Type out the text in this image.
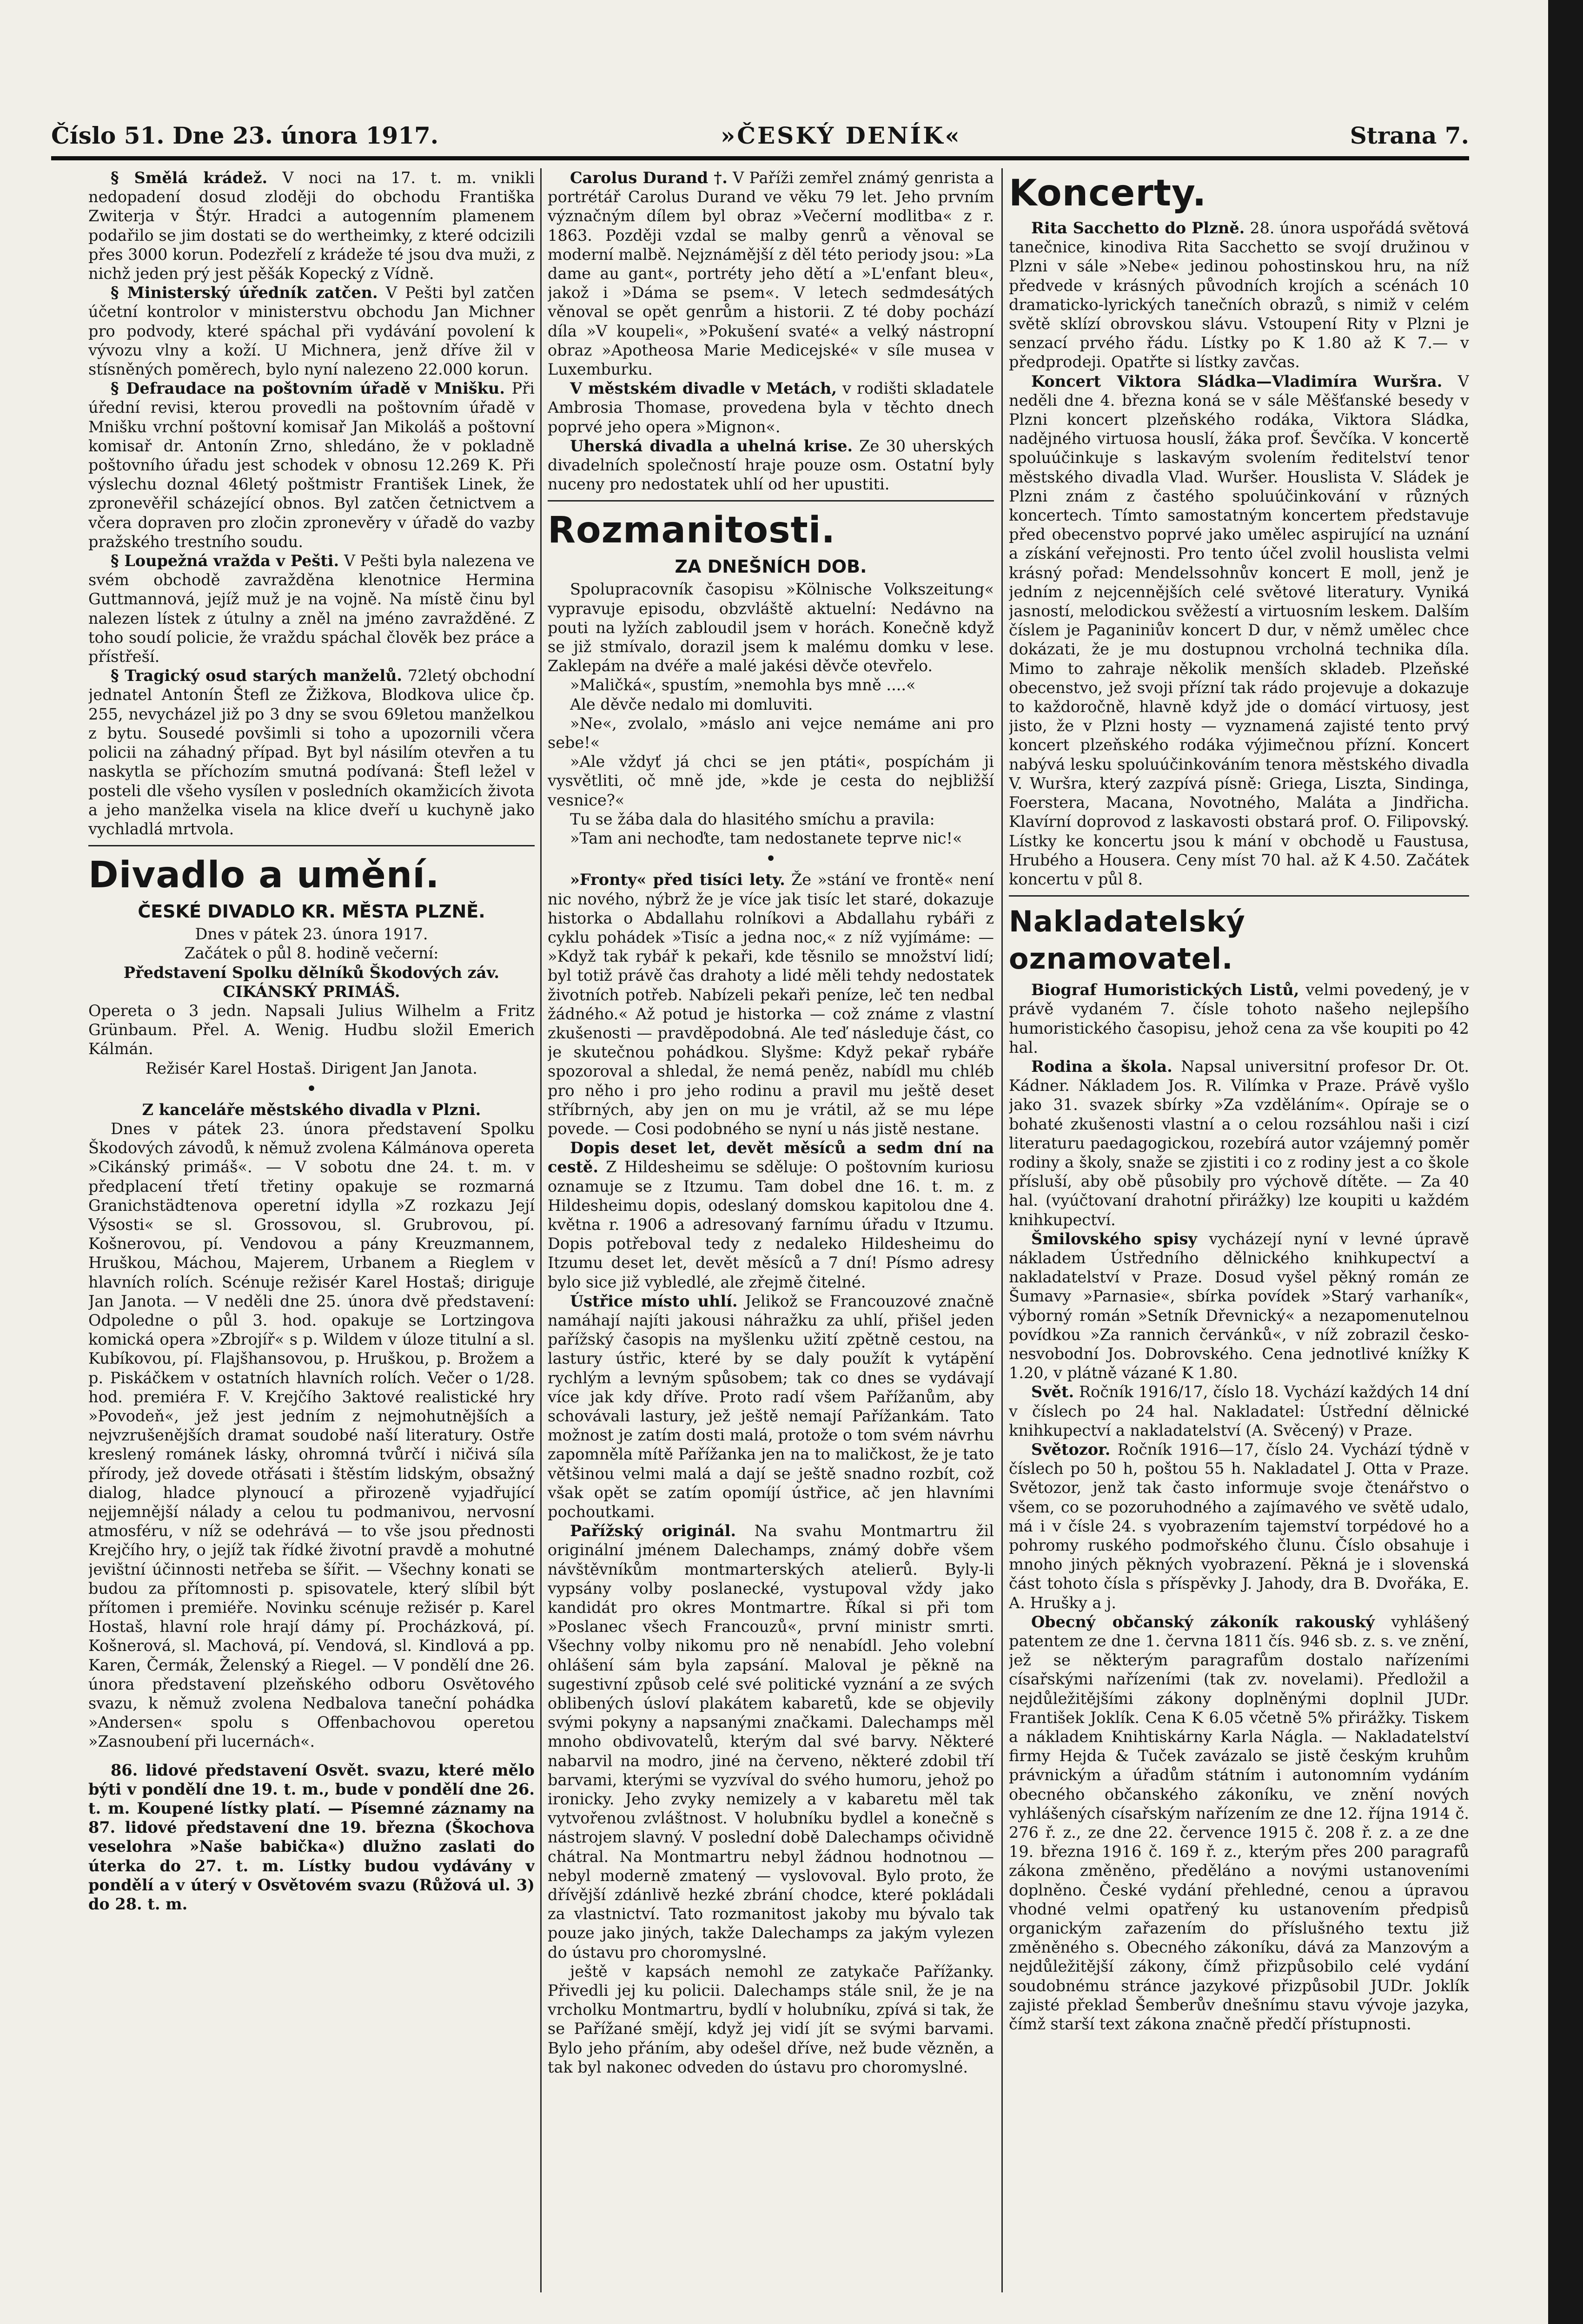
Číslo 51. Dne 23. února 1917.	»ČESKÝ DENÍK«	Strana 7.

§ Smělá krádež. V noci na 17. t. m. vnikli nedopadení dosud zloději do obchodu Františka Zwiterja v Štýr. Hradci a autogenním plamenem podařilo se jim dostati se do wertheimky, z které odcizili přes 3000 korun. Podezřelí z krádeže té jsou dva muži, z nichž jeden prý jest pěšák Kopecký z Vídně.

§ Ministerský úředník zatčen. V Pešti byl zatčen účetní kontrolor v ministerstvu obchodu Jan Michner pro podvody, které spáchal při vydávání povolení k vývozu vlny a koží. U Michnera, jenž dříve žil v stísněných poměrech, bylo nyní nalezeno 22.000 korun.

§ Defraudace na poštovním úřadě v Mnišku. Při úřední revisi, kterou provedli na poštovním úřadě v Mnišku vrchní poštovní komisař Jan Mikoláš a poštovní komisař dr. Antonín Zrno, shledáno, že v pokladně poštovního úřadu jest schodek v obnosu 12.269 K. Při výslechu doznal 46letý poštmistr František Linek, že zpronevěřil scházející obnos. Byl zatčen četnictvem a včera dopraven pro zločin zpronevěry v úřadě do vazby pražského trestního soudu.

§ Loupežná vražda v Pešti. V Pešti byla nalezena ve svém obchodě zavražděna klenotnice Hermina Guttmannová, jejíž muž je na vojně. Na místě činu byl nalezen lístek z útulny a zněl na jméno zavražděné. Z toho soudí policie, že vraždu spáchal člověk bez práce a přístřeší.

§ Tragický osud starých manželů. 72letý obchodní jednatel Antonín Štefl ze Žižkova, Blodkova ulice čp. 255, nevycházel již po 3 dny se svou 69letou manželkou z bytu. Sousedé povšimli si toho a upozornili včera policii na záhadný případ. Byt byl násilím otevřen a tu naskytla se příchozím smutná podívaná: Štefl ležel v posteli dle všeho vysílen v posledních okamžicích života a jeho manželka visela na klice dveří u kuchyně jako vychladlá mrtvola.

Divadlo a umění.
ČESKÉ DIVADLO KR. MĚSTA PLZNĚ.

Dnes v pátek 23. února 1917.

Začátek o půl 8. hodině večerní:

Představení Spolku dělníků Škodových záv.

CIKÁNSKÝ PRIMÁŠ.

Opereta o 3 jedn. Napsali Julius Wilhelm a Fritz Grünbaum. Přel. A. Wenig. Hudbu složil Emerich Kálmán.

Režisér Karel Hostaš. Dirigent Jan Janota.

•

Z kanceláře městského divadla v Plzni.

Dnes v pátek 23. února představení Spolku Škodových závodů, k němuž zvolena Kálmánova opereta »Cikánský primáš«. — V sobotu dne 24. t. m. v předplacení třetí třetiny opakuje se rozmarná Granichstädtenova operetní idylla »Z rozkazu Její Výsosti« se sl. Grossovou, sl. Grubrovou, pí. Košnerovou, pí. Vendovou a pány Kreuzmannem, Hruškou, Máchou, Majerem, Urbanem a Rieglem v hlavních rolích. Scénuje režisér Karel Hostaš; diriguje Jan Janota. — V neděli dne 25. února dvě představení: Odpoledne o půl 3. hod. opakuje se Lortzingova komická opera »Zbrojíř« s p. Wildem v úloze titulní a sl. Kubíkovou, pí. Flajšhansovou, p. Hruškou, p. Brožem a p. Piskáčkem v ostatních hlavních rolích. Večer o 1/28. hod. premiéra F. V. Krejčího 3aktové realistické hry »Povodeň«, jež jest jedním z nejmohutnějších a nejvzrušenějších dramat soudobé naší literatury. Ostře kreslený románek lásky, ohromná tvůrčí i ničivá síla přírody, jež dovede otřásati i štěstím lidským, obsažný dialog, hladce plynoucí a přirozeně vyjadřující nejjemnější nálady a celou tu podmanivou, nervosní atmosféru, v níž se odehrává — to vše jsou přednosti Krejčího hry, o jejíž tak řídké životní pravdě a mohutné jevištní účinnosti netřeba se šířit. — Všechny konati se budou za přítomnosti p. spisovatele, který slíbil být přítomen i premiéře. Novinku scénuje režisér p. Karel Hostaš, hlavní role hrají dámy pí. Procházková, pí. Košnerová, sl. Machová, pí. Vendová, sl. Kindlová a pp. Karen, Čermák, Želenský a Riegel. — V pondělí dne 26. února představení plzeňského odboru Osvětového svazu, k němuž zvolena Nedbalova taneční pohádka »Andersen« spolu s Offenbachovou operetou »Zasnoubení při lucernách«.

86. lidové představení Osvět. svazu, které mělo býti v pondělí dne 19. t. m., bude v pondělí dne 26. t. m. Koupené lístky platí. — Písemné záznamy na 87. lidové představení dne 19. března (Škochova veselohra »Naše babička«) dlužno zaslati do úterka do 27. t. m. Lístky budou vydávány v pondělí a v úterý v Osvětovém svazu (Růžová ul. 3) do 28. t. m.

Carolus Durand †. V Paříži zemřel známý genrista a portrétář Carolus Durand ve věku 79 let. Jeho prvním význačným dílem byl obraz »Večerní modlitba« z r. 1863. Později vzdal se malby genrů a věnoval se moderní malbě. Nejznámější z děl této periody jsou: »La dame au gant«, portréty jeho dětí a »L'enfant bleu«, jakož i »Dáma se psem«. V letech sedmdesátých věnoval se opět genrům a historii. Z té doby pochází díla »V koupeli«, »Pokušení svaté« a velký nástropní obraz »Apotheosa Marie Medicejské« v síle musea v Luxemburku.

V městském divadle v Metách, v rodišti skladatele Ambrosia Thomase, provedena byla v těchto dnech poprvé jeho opera »Mignon«.

Uherská divadla a uhelná krise. Ze 30 uherských divadelních společností hraje pouze osm. Ostatní byly nuceny pro nedostatek uhlí od her upustiti.

Rozmanitosti.
ZA DNEŠNÍCH DOB.

Spolupracovník časopisu »Kölnische Volkszeitung« vypravuje episodu, obzvláště aktuelní: Nedávno na pouti na lyžích zabloudil jsem v horách. Konečně když se již stmívalo, dorazil jsem k malému domku v lese. Zaklepám na dvéře a malé jakési děvče otevřelo.

»Maličká«, spustím, »nemohla bys mně ....«

Ale děvče nedalo mi domluviti.

»Ne«, zvolalo, »máslo ani vejce nemáme ani pro sebe!«

»Ale vždyť já chci se jen ptáti«, pospíchám ji vysvětliti, oč mně jde, »kde je cesta do nejbližší vesnice?«

Tu se žába dala do hlasitého smíchu a pravila:

»Tam ani nechoďte, tam nedostanete teprve nic!«

•

»Fronty« před tisíci lety. Že »stání ve frontě« není nic nového, nýbrž že je více jak tisíc let staré, dokazuje historka o Abdallahu rolníkovi a Abdallahu rybáři z cyklu pohádek »Tisíc a jedna noc,« z níž vyjímáme: — »Když tak rybář k pekaři, kde těsnilo se množství lidí; byl totiž právě čas drahoty a lidé měli tehdy nedostatek životních potřeb. Nabízeli pekaři peníze, leč ten nedbal žádného.« Až potud je historka — což známe z vlastní zkušenosti — pravděpodobná. Ale teď následuje část, co je skutečnou pohádkou. Slyšme: Když pekař rybáře spozoroval a shledal, že nemá peněz, nabídl mu chléb pro něho i pro jeho rodinu a pravil mu ještě deset stříbrných, aby jen on mu je vrátil, až se mu lépe povede. — Cosi podobného se nyní u nás jistě nestane.

Dopis deset let, devět měsíců a sedm dní na cestě. Z Hildesheimu se sděluje: O poštovním kuriosu oznamuje se z Itzumu. Tam dobel dne 16. t. m. z Hildesheimu dopis, odeslaný domskou kapitolou dne 4. května r. 1906 a adresovaný farnímu úřadu v Itzumu. Dopis potřeboval tedy z nedaleko Hildesheimu do Itzumu deset let, devět měsíců a 7 dní! Písmo adresy bylo sice již vybledlé, ale zřejmě čitelné.

Ústřice místo uhlí. Jelikož se Francouzové značně namáhají najíti jakousi náhražku za uhlí, přišel jeden pařížský časopis na myšlenku užití zpětně cestou, na lastury ústřic, které by se daly použít k vytápění rychlým a levným spůsobem; tak co dnes se vydávají více jak kdy dříve. Proto radí všem Pařížanům, aby schovávali lastury, jež ještě nemají Pařížankám. Tato možnost je zatím dosti malá, protože o tom svém návrhu zapomněla mítě Pařížanka jen na to maličkost, že je tato většinou velmi malá a dají se ještě snadno rozbít, což však opět se zatím opomíjí ústřice, ač jen hlavními pochoutkami.

Pařížský originál. Na svahu Montmartru žil originální jménem Dalechamps, známý dobře všem návštěvníkům montmarterských atelierů. Byly-li vypsány volby poslanecké, vystupoval vždy jako kandidát pro okres Montmartre. Říkal si při tom »Poslanec všech Francouzů«, první ministr smrti. Všechny volby nikomu pro ně nenabídl. Jeho volební ohlášení sám byla zapsání. Maloval je pěkně na sugestivní způsob celé své politické vyznání a ze svých oblibených úsloví plakátem kabaretů, kde se objevily svými pokyny a napsanými značkami. Dalechamps měl mnoho obdivovatelů, kterým dal své barvy. Některé nabarvil na modro, jiné na červeno, některé zdobil tří barvami, kterými se vyzvíval do svého humoru, jehož po ironicky. Jeho zvyky nemizely a v kabaretu měl tak vytvořenou zvláštnost. V holubníku bydlel a konečně s nástrojem slavný. V poslední době Dalechamps očividně chátral. Na Montmartru nebyl žádnou hodnotnou — nebyl moderně zmatený — vyslovoval. Bylo proto, že dřívější zdánlivě hezké zbrání chodce, které pokládali za vlastnictví. Tato rozmanitost jakoby mu bývalo tak pouze jako jiných, takže Dalechamps za jakým vylezen do ústavu pro choromyslné.

ještě v kapsách nemohl ze zatykače Pařížanky. Přivedli jej ku policii. Dalechamps stále snil, že je na vrcholku Montmartru, bydlí v holubníku, zpívá si tak, že se Pařížané smějí, když jej vidí jít se svými barvami. Bylo jeho přáním, aby odešel dříve, než bude vězněn, a tak byl nakonec odveden do ústavu pro choromyslné.

Koncerty.

Rita Sacchetto do Plzně. 28. února uspořádá světová tanečnice, kinodiva Rita Sacchetto se svojí družinou v Plzni v sále »Nebe« jedinou pohostinskou hru, na níž předvede v krásných původních krojích a scénách 10 dramaticko-lyrických tanečních obrazů, s nimiž v celém světě sklízí obrovskou slávu. Vstoupení Rity v Plzni je senzací prvého řádu. Lístky po K 1.80 až K 7.— v předprodeji. Opatřte si lístky zavčas.

Koncert Viktora Sládka—Vladimíra Wuršra. V neděli dne 4. března koná se v sále Měšťanské besedy v Plzni koncert plzeňského rodáka, Viktora Sládka, nadějného virtuosa houslí, žáka prof. Ševčíka. V koncertě spoluúčinkuje s laskavým svolením ředitelství tenor městského divadla Vlad. Wuršer. Houslista V. Sládek je Plzni znám z častého spoluúčinkování v různých koncertech. Tímto samostatným koncertem představuje před obecenstvo poprvé jako umělec aspirující na uznání a získání veřejnosti. Pro tento účel zvolil houslista velmi krásný pořad: Mendelssohnův koncert E moll, jenž je jedním z nejcennějších celé světové literatury. Vyniká jasností, melodickou svěžestí a virtuosním leskem. Dalším číslem je Paganiniův koncert D dur, v němž umělec chce dokázati, že je mu dostupnou vrcholná technika díla. Mimo to zahraje několik menších skladeb. Plzeňské obecenstvo, jež svoji přízní tak rádo projevuje a dokazuje to každoročně, hlavně když jde o domácí virtuosy, jest jisto, že v Plzni hosty — vyznamená zajisté tento prvý koncert plzeňského rodáka výjimečnou přízní. Koncert nabývá lesku spoluúčinkováním tenora městského divadla V. Wuršra, který zazpívá písně: Griega, Liszta, Sindinga, Foerstera, Macana, Novotného, Maláta a Jindřicha. Klavírní doprovod z laskavosti obstará prof. O. Filipovský. Lístky ke koncertu jsou k mání v obchodě u Faustusa, Hrubého a Housera. Ceny míst 70 hal. až K 4.50. Začátek koncertu v půl 8.

Nakladatelský oznamovatel.

Biograf Humoristických Listů, velmi povedený, je v právě vydaném 7. čísle tohoto našeho nejlepšího humoristického časopisu, jehož cena za vše koupiti po 42 hal.

Rodina a škola. Napsal universitní profesor Dr. Ot. Kádner. Nákladem Jos. R. Vilímka v Praze. Právě vyšlo jako 31. svazek sbírky »Za vzděláním«. Opíraje se o bohaté zkušenosti vlastní a o celou rozsáhlou naši i cizí literaturu paedagogickou, rozebírá autor vzájemný poměr rodiny a školy, snaže se zjistiti i co z rodiny jest a co škole přísluší, aby obě působily pro výchově dítěte. — Za 40 hal. (vyúčtovaní drahotní přirážky) lze koupiti u každém knihkupectví.

Šmilovského spisy vycházejí nyní v levné úpravě nákladem Ústředního dělnického knihkupectví a nakladatelství v Praze. Dosud vyšel pěkný román ze Šumavy »Parnasie«, sbírka povídek »Starý varhaník«, výborný román »Setník Dřevnický« a nezapomenutelnou povídkou »Za rannich červánků«, v níž zobrazil česko-nesvobodní Jos. Dobrovského. Cena jednotlivé knížky K 1.20, v plátně vázané K 1.80.

Svět. Ročník 1916/17, číslo 18. Vychází každých 14 dní v číslech po 24 hal. Nakladatel: Ústřední dělnické knihkupectví a nakladatelství (A. Svěcený) v Praze.

Světozor. Ročník 1916—17, číslo 24. Vychází týdně v číslech po 50 h, poštou 55 h. Nakladatel J. Otta v Praze. Světozor, jenž tak často informuje svoje čtenářstvo o všem, co se pozoruhodného a zajímavého ve světě udalo, má i v čísle 24. s vyobrazením tajemství torpédové ho a pohromy ruského podmořského člunu. Číslo obsahuje i mnoho jiných pěkných vyobrazení. Pěkná je i slovenská část tohoto čísla s příspěvky J. Jahody, dra B. Dvořáka, E. A. Hrušky a j.

Obecný občanský zákoník rakouský vyhlášený patentem ze dne 1. června 1811 čís. 946 sb. z. s. ve znění, jež se některým paragrafům dostalo nařízeními císařskými nařízeními (tak zv. novelami). Předložil a nejdůležitějšími zákony doplněnými doplnil JUDr. František Joklík. Cena K 6.05 včetně 5% přirážky. Tiskem a nákladem Knihtiskárny Karla Nágla. — Nakladatelství firmy Hejda & Tuček zavázalo se jistě českým kruhům právnickým a úřadům státním i autonomním vydáním obecného občanského zákoníku, ve znění nových vyhlášených císařským nařízením ze dne 12. října 1914 č. 276 ř. z., ze dne 22. července 1915 č. 208 ř. z. a ze dne 19. března 1916 č. 169 ř. z., kterým přes 200 paragrafů zákona změněno, předěláno a novými ustanoveními doplněno. České vydání přehledné, cenou a úpravou vhodné velmi opatřený ku ustanovením předpisů organickým zařazením do příslušného textu již změněného s. Obecného zákoníku, dává za Manzovým a nejdůležitější zákony, čímž přizpůsobilo celé vydání soudobnému stránce jazykové přizpůsobil JUDr. Joklík zajisté překlad Šemberův dnešnímu stavu vývoje jazyka, čímž starší text zákona značně předčí přístupnosti.
